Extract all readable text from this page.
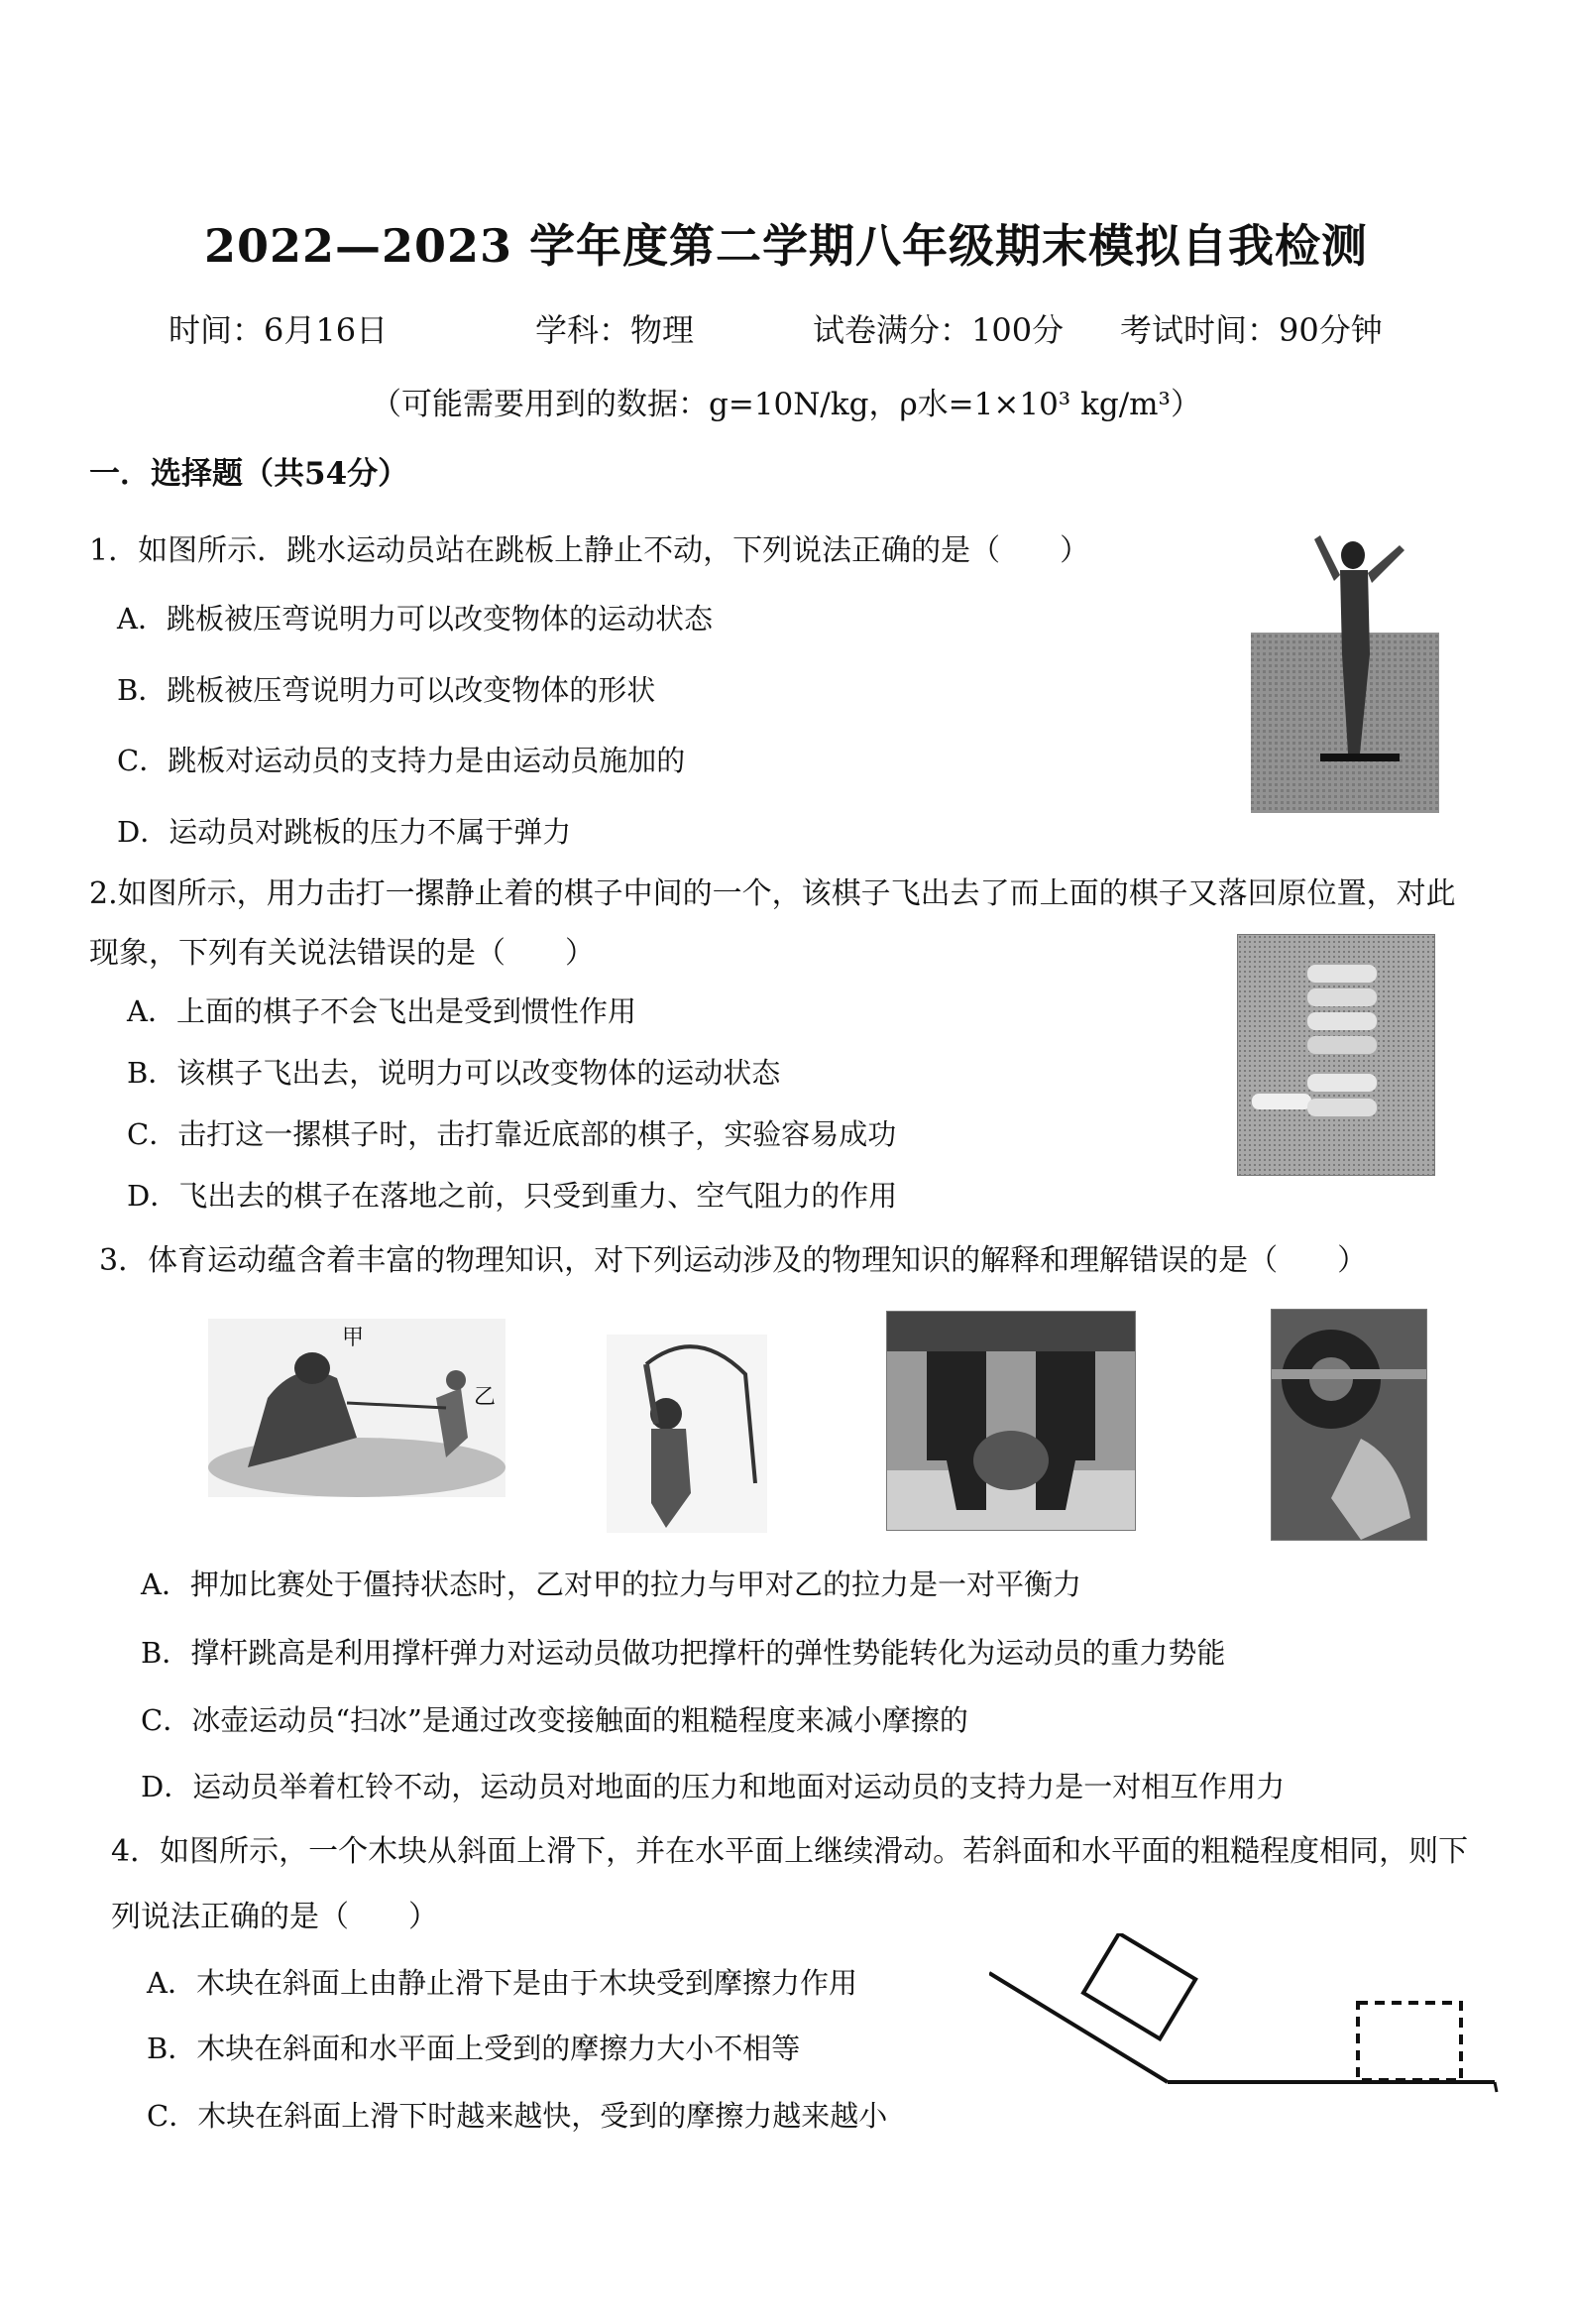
2022—2023 学年度第二学期八年级期末模拟自我检测
时间：6月16日	学科：物理	试卷满分：100分 考试时间：90分钟
（可能需要用到的数据：g=10N/kg，ρ水=1×10³ kg/m³）
一．选择题（共54分）
1．如图所示．跳水运动员站在跳板上静止不动，下列说法正确的是（　　）
A．跳板被压弯说明力可以改变物体的运动状态
B．跳板被压弯说明力可以改变物体的形状
C．跳板对运动员的支持力是由运动员施加的
D．运动员对跳板的压力不属于弹力
2.如图所示，用力击打一摞静止着的棋子中间的一个，该棋子飞出去了而上面的棋子又落回原位置，对此
现象，下列有关说法错误的是（　　）
A．上面的棋子不会飞出是受到惯性作用
B．该棋子飞出去，说明力可以改变物体的运动状态
C．击打这一摞棋子时，击打靠近底部的棋子，实验容易成功
D．飞出去的棋子在落地之前，只受到重力、空气阻力的作用
3．体育运动蕴含着丰富的物理知识，对下列运动涉及的物理知识的解释和理解错误的是（　　）
甲
乙
A．押加比赛处于僵持状态时，乙对甲的拉力与甲对乙的拉力是一对平衡力
B．撑杆跳高是利用撑杆弹力对运动员做功把撑杆的弹性势能转化为运动员的重力势能
C．冰壶运动员“扫冰”是通过改变接触面的粗糙程度来减小摩擦的
D．运动员举着杠铃不动，运动员对地面的压力和地面对运动员的支持力是一对相互作用力
4．如图所示，一个木块从斜面上滑下，并在水平面上继续滑动。若斜面和水平面的粗糙程度相同，则下
列说法正确的是（　　）
A．木块在斜面上由静止滑下是由于木块受到摩擦力作用
B．木块在斜面和水平面上受到的摩擦力大小不相等
C．木块在斜面上滑下时越来越快，受到的摩擦力越来越小
